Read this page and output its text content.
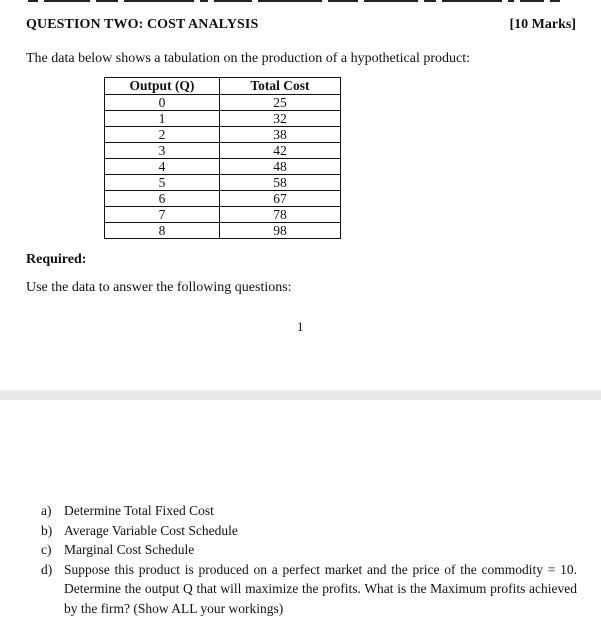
QUESTION TWO: COST ANALYSIS	[10 Marks]
The data below shows a tabulation on the production of a hypothetical product:
Output (Q)	Total Cost
0	25
1	32
2	38
3	42
4	48
5	58
6	67
7	78
8	98
Required:
Use the data to answer the following questions:
1
a) Determine Total Fixed Cost
b) Average Variable Cost Schedule
c) Marginal Cost Schedule
d) Suppose this product is produced on a perfect market and the price of the commodity = 10. Determine the output Q that will maximize the profits. What is the Maximum profits achieved by the firm? (Show ALL your workings)
